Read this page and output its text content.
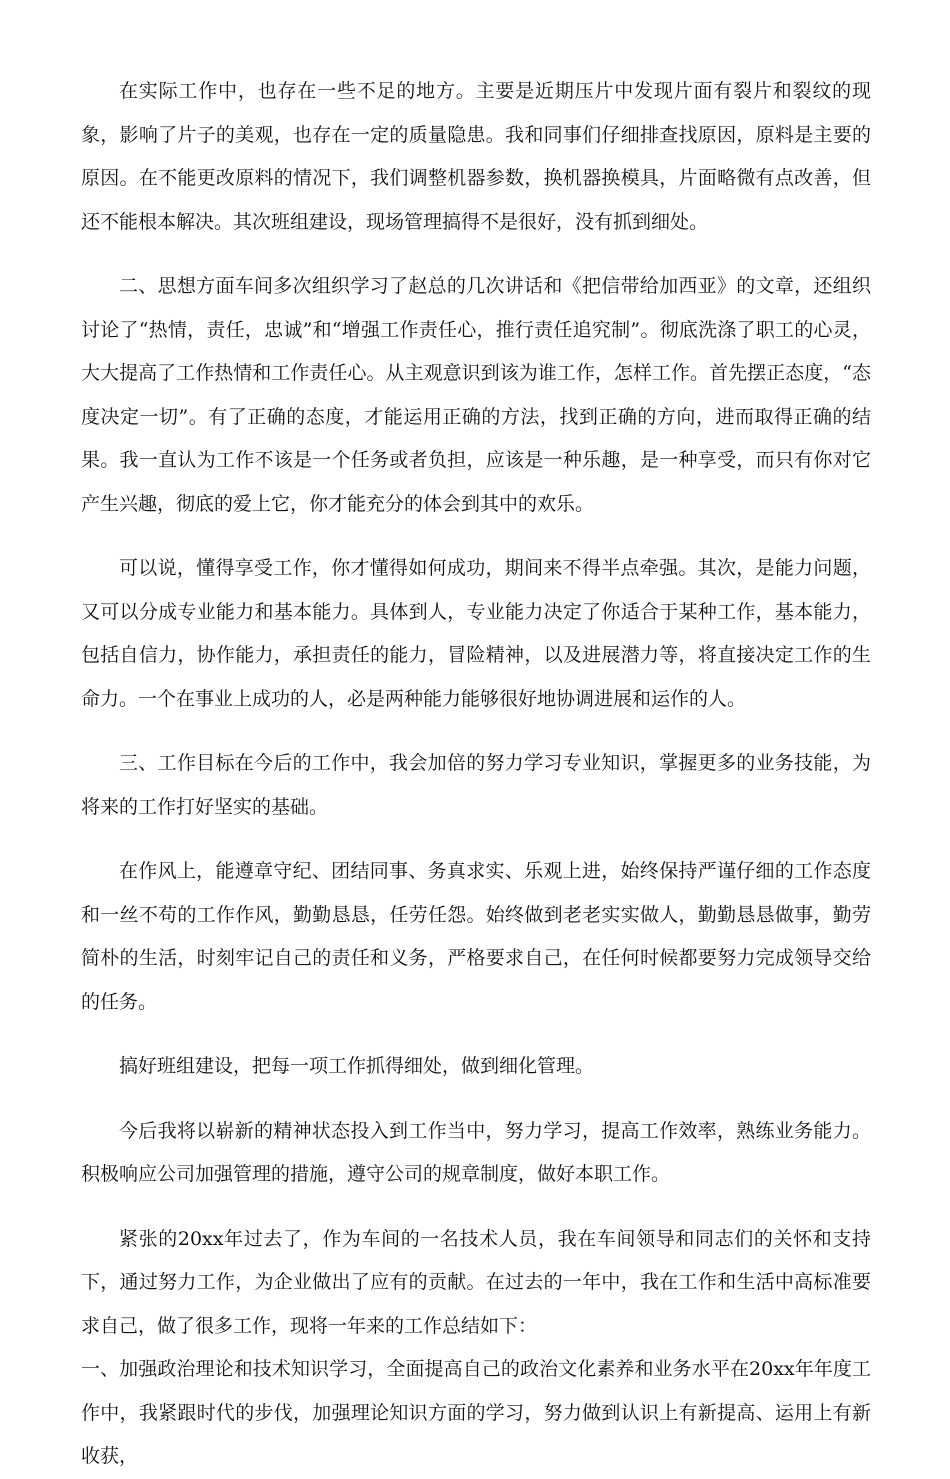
在实际工作中，也存在一些不足的地方。主要是近期压片中发现片面有裂片和裂纹的现象，影响了片子的美观，也存在一定的质量隐患。我和同事们仔细排查找原因，原料是主要的原因。在不能更改原料的情况下，我们调整机器参数，换机器换模具，片面略微有点改善，但还不能根本解决。其次班组建设，现场管理搞得不是很好，没有抓到细处。

二、思想方面车间多次组织学习了赵总的几次讲话和《把信带给加西亚》的文章，还组织讨论了“热情，责任，忠诚”和“增强工作责任心，推行责任追究制”。彻底洗涤了职工的心灵，大大提高了工作热情和工作责任心。从主观意识到该为谁工作，怎样工作。首先摆正态度，“态度决定一切”。有了正确的态度，才能运用正确的方法，找到正确的方向，进而取得正确的结果。我一直认为工作不该是一个任务或者负担，应该是一种乐趣，是一种享受，而只有你对它产生兴趣，彻底的爱上它，你才能充分的体会到其中的欢乐。

可以说，懂得享受工作，你才懂得如何成功，期间来不得半点牵强。其次，是能力问题，又可以分成专业能力和基本能力。具体到人，专业能力决定了你适合于某种工作，基本能力，包括自信力，协作能力，承担责任的能力，冒险精神，以及进展潜力等，将直接决定工作的生命力。一个在事业上成功的人，必是两种能力能够很好地协调进展和运作的人。

三、工作目标在今后的工作中，我会加倍的努力学习专业知识，掌握更多的业务技能，为将来的工作打好坚实的基础。

在作风上，能遵章守纪、团结同事、务真求实、乐观上进，始终保持严谨仔细的工作态度和一丝不苟的工作作风，勤勤恳恳，任劳任怨。始终做到老老实实做人，勤勤恳恳做事，勤劳简朴的生活，时刻牢记自己的责任和义务，严格要求自己，在任何时候都要努力完成领导交给的任务。

搞好班组建设，把每一项工作抓得细处，做到细化管理。

今后我将以崭新的精神状态投入到工作当中，努力学习，提高工作效率，熟练业务能力。积极响应公司加强管理的措施，遵守公司的规章制度，做好本职工作。

紧张的20xx年过去了，作为车间的一名技术人员，我在车间领导和同志们的关怀和支持下，通过努力工作，为企业做出了应有的贡献。在过去的一年中，我在工作和生活中高标准要求自己，做了很多工作，现将一年来的工作总结如下：

一、加强政治理论和技术知识学习，全面提高自己的政治文化素养和业务水平在20xx年年度工作中，我紧跟时代的步伐，加强理论知识方面的学习，努力做到认识上有新提高、运用上有新收获，
